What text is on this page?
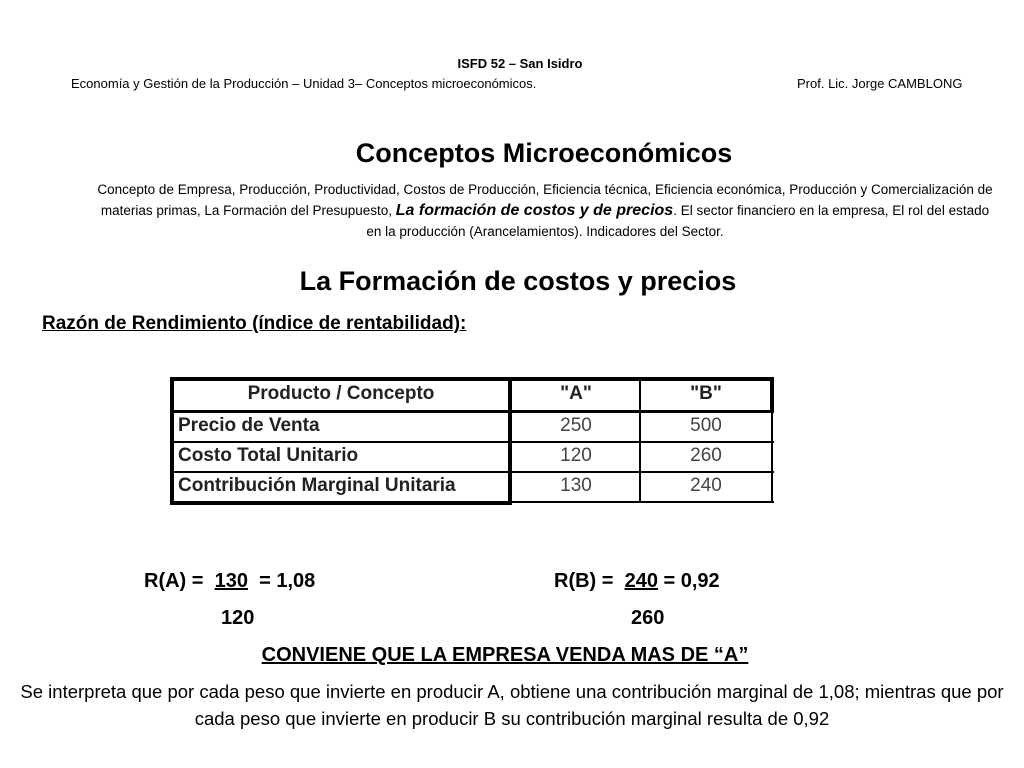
ISFD 52 – San Isidro
Economía y Gestión de la Producción – Unidad 3– Conceptos microeconómicos.	Prof. Lic. Jorge CAMBLONG
Conceptos Microeconómicos
Concepto de Empresa, Producción, Productividad, Costos de Producción, Eficiencia técnica, Eficiencia económica, Producción y Comercialización de materias primas, La Formación del Presupuesto, La formación de costos y de precios. El sector financiero en la empresa, El rol del estado en la producción (Arancelamientos). Indicadores del Sector.
La Formación de costos y precios
Razón de Rendimiento (índice de rentabilidad):
Producto / Concepto	"A"	"B"
Precio de Venta	250	500
Costo Total Unitario	120	260
Contribución Marginal Unitaria	130	240
R(A) = 130 = 1,08
120
R(B) = 240 = 0,92
260
CONVIENE QUE LA EMPRESA VENDA MAS DE “A”
Se interpreta que por cada peso que invierte en producir A, obtiene una contribución marginal de 1,08; mientras que por cada peso que invierte en producir B su contribución marginal resulta de 0,92
